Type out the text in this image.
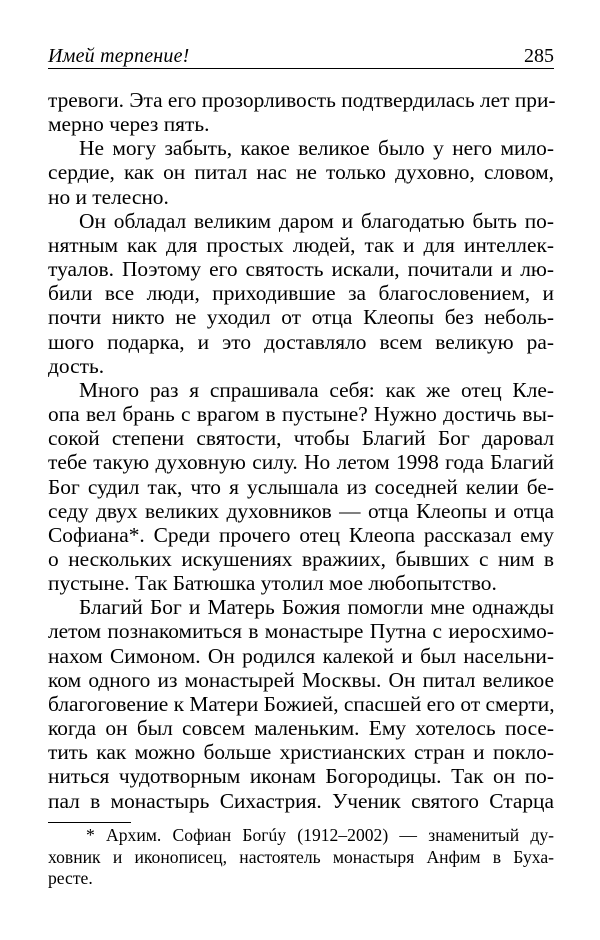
Имей терпение!	285
тревоги. Эта его прозорливость подтвердилась лет при-
мерно через пять.
Не могу забыть, какое великое было у него мило-
сердие, как он питал нас не только духовно, словом,
но и телесно.
Он обладал великим даром и благодатью быть по-
нятным как для простых людей, так и для интеллек-
туалов. Поэтому его святость искали, почитали и лю-
били все люди, приходившие за благословением, и
почти никто не уходил от отца Клеопы без неболь-
шого подарка, и это доставляло всем великую ра-
дость.
Много раз я спрашивала себя: как же отец Кле-
опа вел брань с врагом в пустыне? Нужно достичь вы-
сокой степени святости, чтобы Благий Бог даровал
тебе такую духовную силу. Но летом 1998 года Благий
Бог судил так, что я услышала из соседней келии бе-
седу двух великих духовников — отца Клеопы и отца
Софиана*. Среди прочего отец Клеопа рассказал ему
о нескольких искушениях вражиих, бывших с ним в
пустыне. Так Батюшка утолил мое любопытство.
Благий Бог и Матерь Божия помогли мне однажды
летом познакомиться в монастыре Путна с иеросхимо-
нахом Симоном. Он родился калекой и был насельни-
ком одного из монастырей Москвы. Он питал великое
благоговение к Матери Божией, спасшей его от смерти,
когда он был совсем маленьким. Ему хотелось посе-
тить как можно больше христианских стран и покло-
ниться чудотворным иконам Богородицы. Так он по-
пал в монастырь Сихастрия. Ученик святого Старца
* Архим. Софиан Богúу (1912–2002) — знаменитый ду-
ховник и иконописец, настоятель монастыря Анфим в Буха-
ресте.
